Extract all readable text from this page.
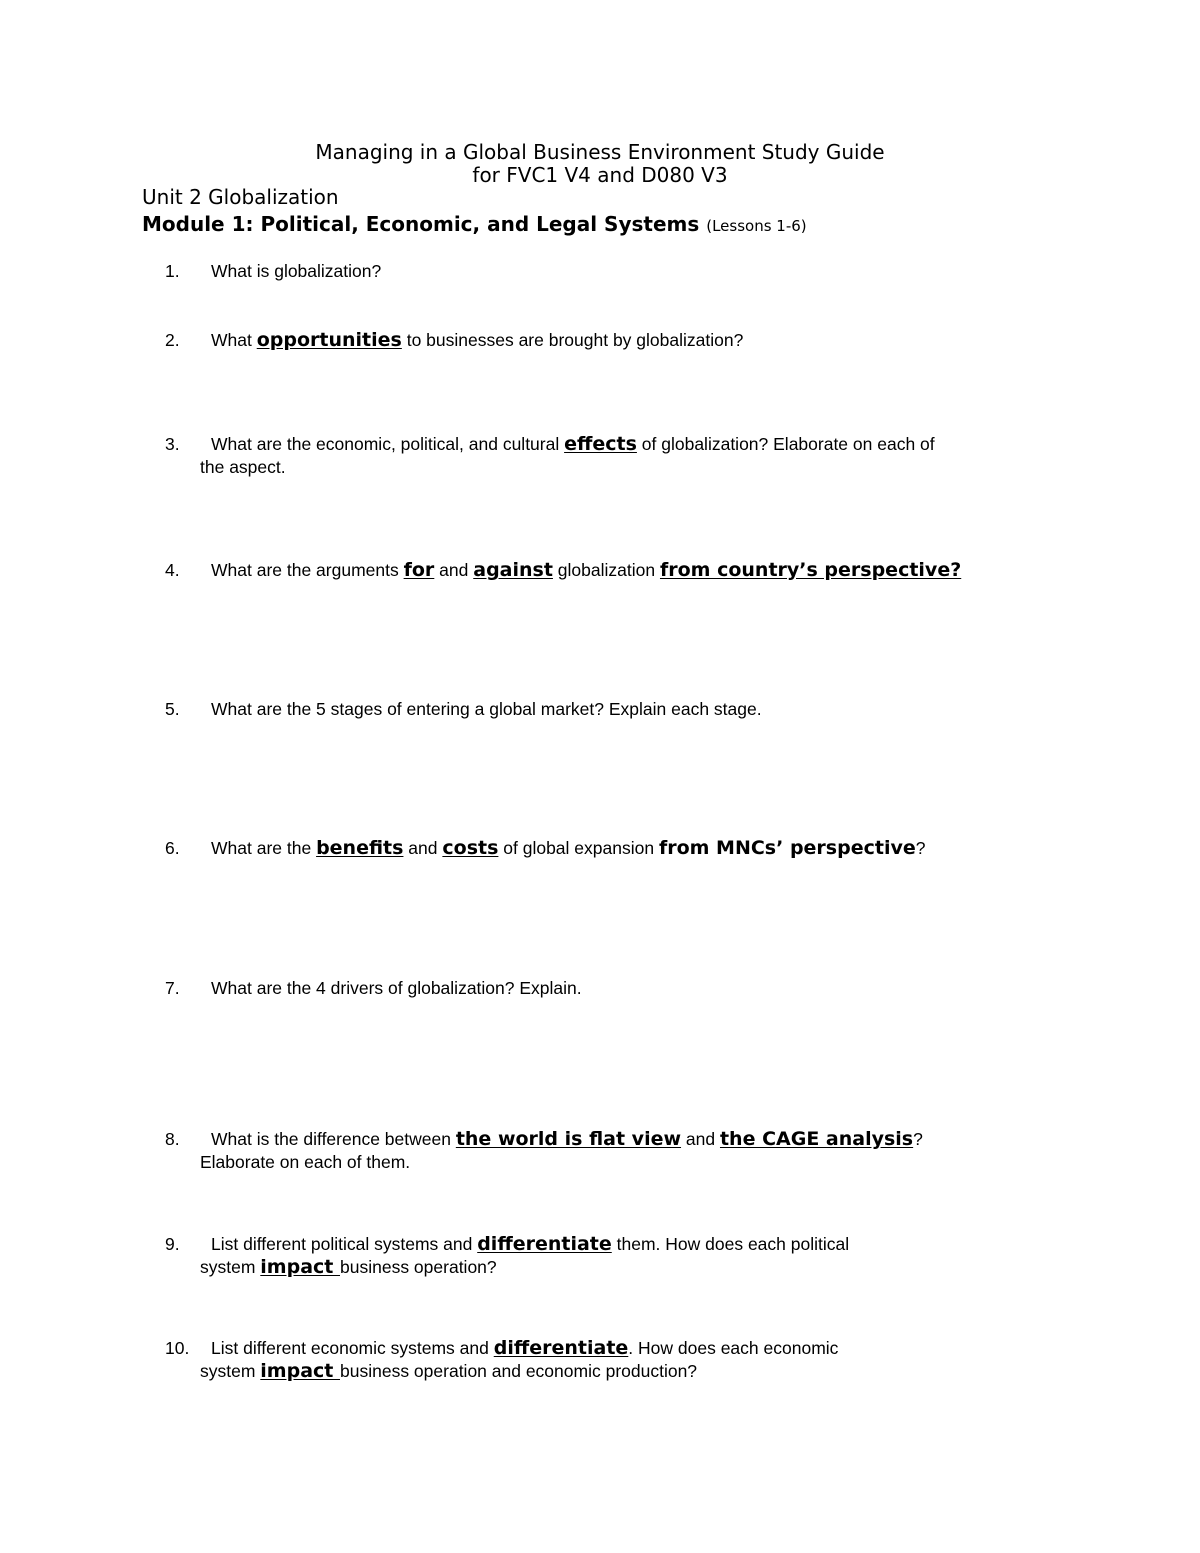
Managing in a Global Business Environment Study Guide
for FVC1 V4 and D080 V3
Unit 2 Globalization
Module 1: Political, Economic, and Legal Systems (Lessons 1-6)
1. What is globalization?
2. What opportunities to businesses are brought by globalization?
3. What are the economic, political, and cultural effects of globalization? Elaborate on each of
the aspect.
4. What are the arguments for and against globalization from country’s perspective?
5. What are the 5 stages of entering a global market? Explain each stage.
6. What are the benefits and costs of global expansion from MNCs’ perspective?
7. What are the 4 drivers of globalization? Explain.
8. What is the difference between the world is flat view and the CAGE analysis?
Elaborate on each of them.
9. List different political systems and differentiate them. How does each political
system impact business operation?
10. List different economic systems and differentiate. How does each economic
system impact business operation and economic production?
